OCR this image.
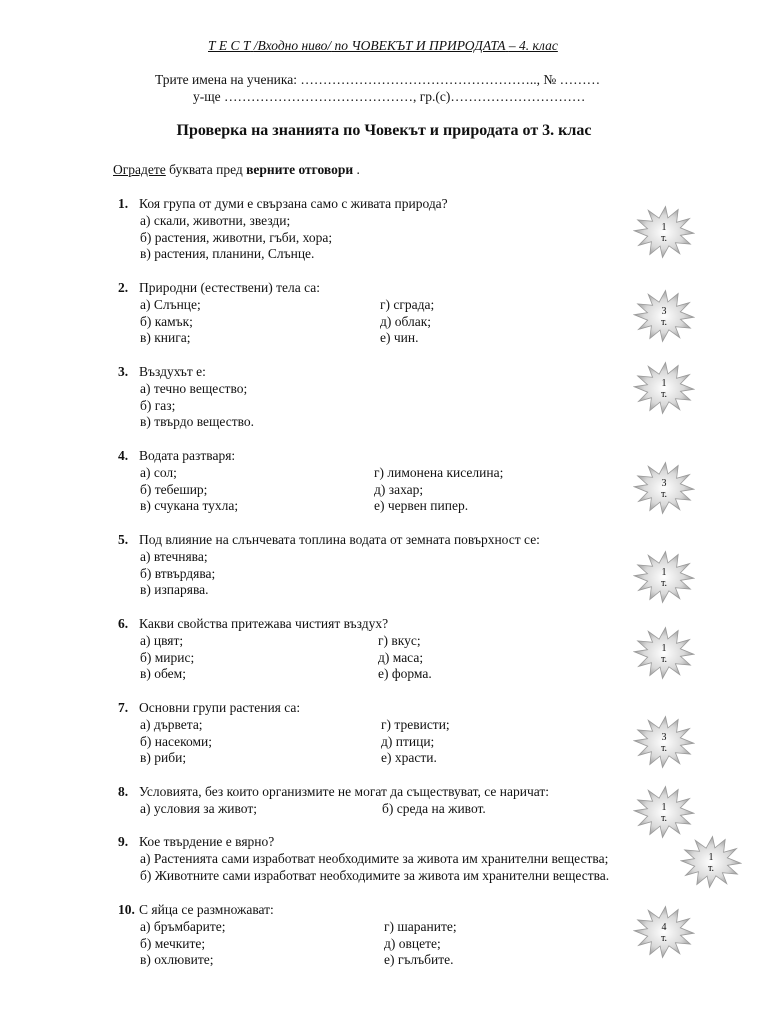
Т Е С Т /Входно ниво/ по ЧОВЕКЪТ И ПРИРОДАТА – 4. клас
Трите имена на ученика: …………………………………………….., № ………
у-ще ……………………………………, гр.(с)…………………………
Проверка на знанията по Човекът и природата от 3. клас
Оградете буквата пред верните отговори .
1. Коя група от думи е свързана само с живата природа?
а) скали, животни, звезди;
б) растения, животни, гъби, хора;
в) растения, планини, Слънце.
1
т.
2. Природни (естествени) тела са:
а) Слънце;	г) сграда;
б) камък;	д) облак;
в) книга;	е) чин.
3
т.
3. Въздухът е:
а) течно вещество;
б) газ;
в) твърдо вещество.
1
т.
4. Водата разтваря:
а) сол;	г) лимонена киселина;
б) тебешир;	д) захар;
в) счукана тухла;	е) червен пипер.
3
т.
5. Под влияние на слънчевата топлина водата от земната повърхност се:
а) втечнява;
б) втвърдява;
в) изпарява.
1
т.
6. Какви свойства притежава чистият въздух?
а) цвят;	г) вкус;
б) мирис;	д) маса;
в) обем;	е) форма.
1
т.
7. Основни групи растения са:
а) дървета;	г) тревисти;
б) насекоми;	д) птици;
в) риби;	е) храсти.
3
т.
8. Условията, без които организмите не могат да съществуват, се наричат:
а) условия за живот;	б) среда на живот.	1
т.
9. Кое твърдение е вярно?
а) Растенията сами изработват необходимите за живота им хранителни вещества;
б) Животните сами изработват необходимите за живота им хранителни вещества.
1
т.
10. С яйца се размножават:
а) бръмбарите;	г) шараните;
б) мечките;	д) овцете;
в) охлювите;	е) гълъбите.
4
т.
